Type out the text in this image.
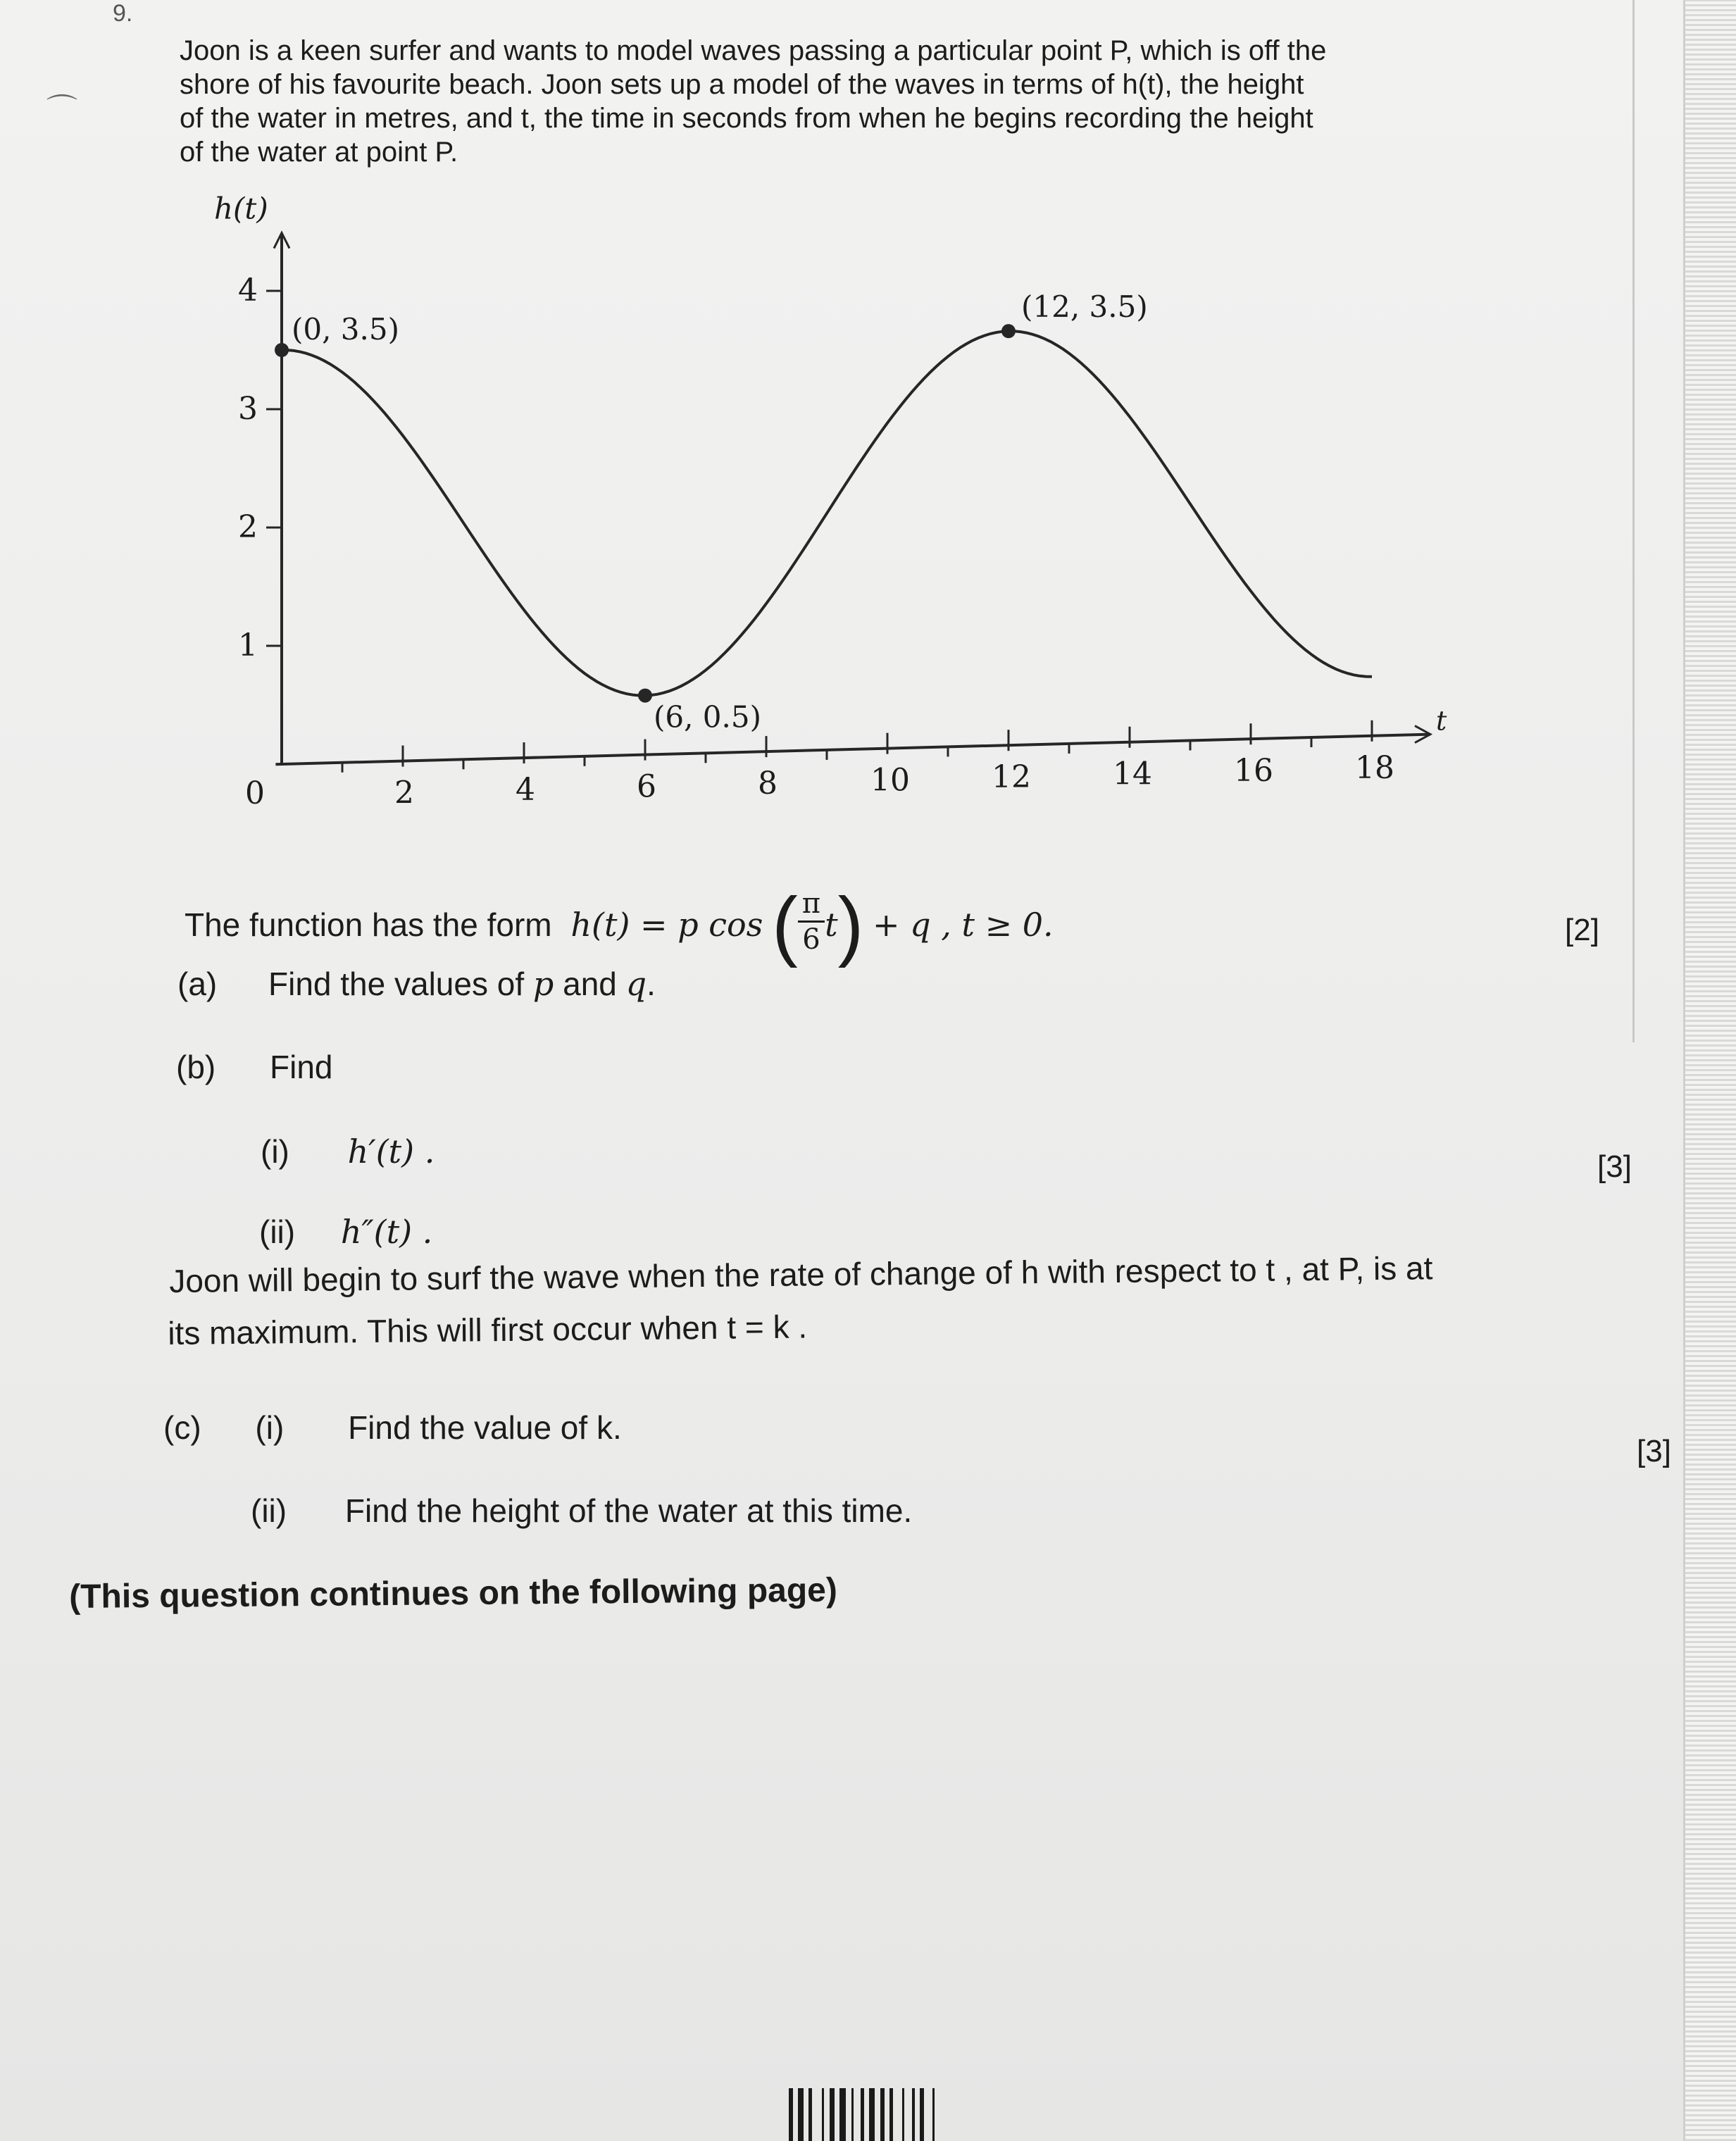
9.
⌒

Joon is a keen surfer and wants to model waves passing a particular point P, which is off the

shore of his favourite beach. Joon sets up a model of the waves in terms of h(t), the height

of the water in metres, and t, the time in seconds from when he begins recording the height

of the water at point P.

2	4	6	8	10	12	14	16	18
1
2
3
4
(0, 3.5)
(6, 0.5)
(12, 3.5)
h(t)
t
0
The function has the form h(t) = p cos ( $\frac{\pi}{6} t) + q$ , t ≥ 0.	[2]
(a) Find the values of p and q.
(b) Find
(i) h′(t) .	[3]
(ii) h″(t) .
Joon will begin to surf the wave when the rate of change of h with respect to t , at P, is at
its maximum. This will first occur when t = k .
(c) (i) Find the value of k.
[3]
(ii) Find the height of the water at this time.
(This question continues on the following page)
